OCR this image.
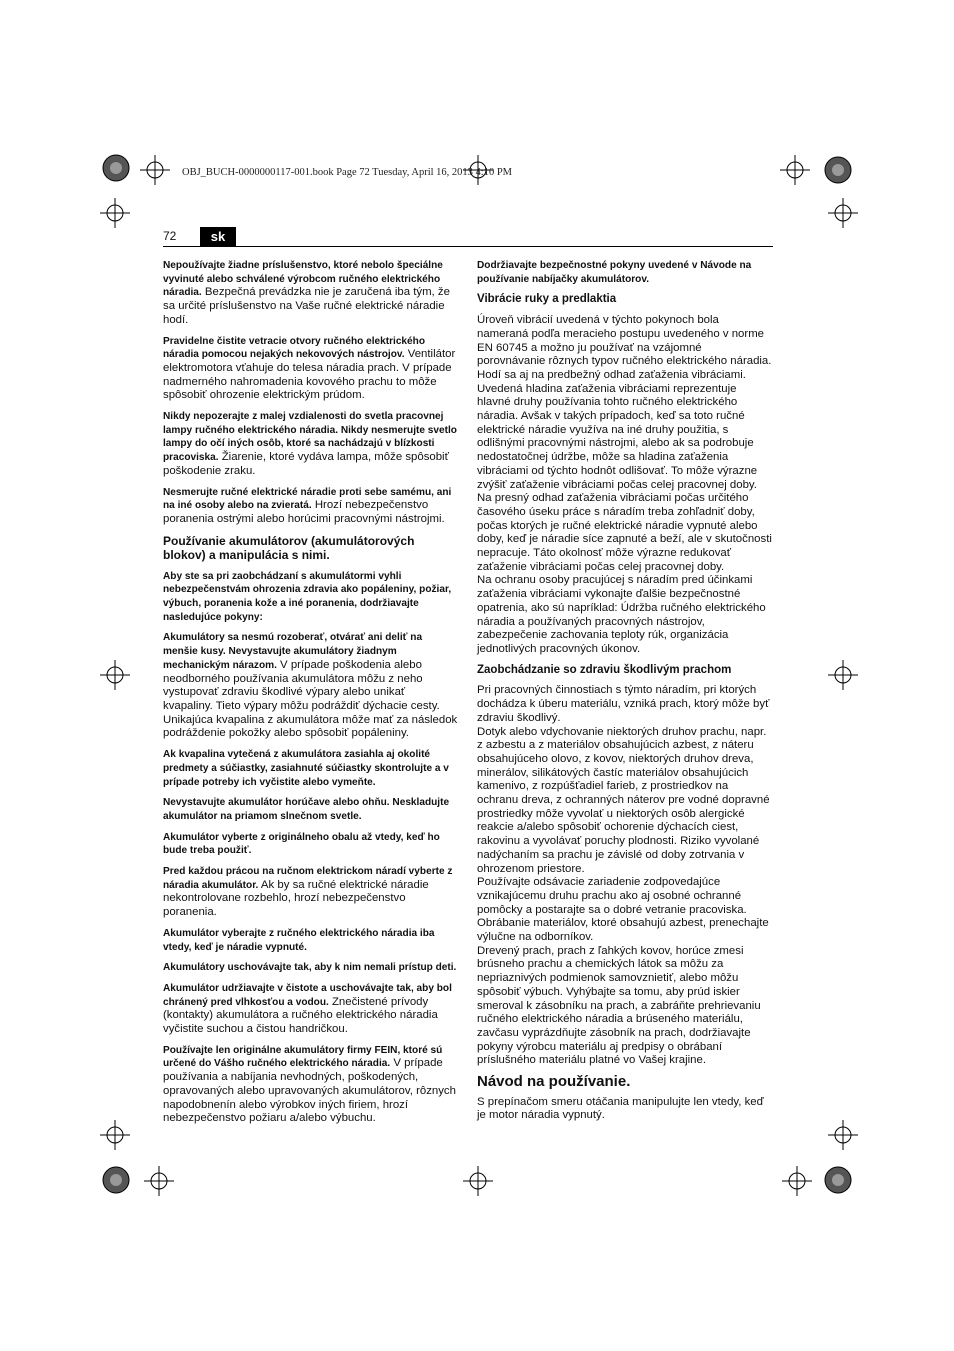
OBJ_BUCH-0000000117-001.book Page 72 Tuesday, April 16, 2013 4:10 PM
72	sk

Nepoužívajte žiadne príslušenstvo, ktoré nebolo špeciálne vyvinuté alebo schválené výrobcom ručného elektrického náradia. Bezpečná prevádzka nie je zaručená iba tým, že sa určité príslušenstvo na Vaše ručné elektrické náradie hodí.

Pravidelne čistite vetracie otvory ručného elektrického náradia pomocou nejakých nekovových nástrojov. Ventilátor elektromotora vťahuje do telesa náradia prach. V prípade nadmerného nahromadenia kovového prachu to môže spôsobiť ohrozenie elektrickým prúdom.

Nikdy nepozerajte z malej vzdialenosti do svetla pracovnej lampy ručného elektrického náradia. Nikdy nesmerujte svetlo lampy do očí iných osôb, ktoré sa nachádzajú v blízkosti pracoviska. Žiarenie, ktoré vydáva lampa, môže spôsobiť poškodenie zraku.

Nesmerujte ručné elektrické náradie proti sebe samému, ani na iné osoby alebo na zvieratá. Hrozí nebezpečenstvo poranenia ostrými alebo horúcimi pracovnými nástrojmi.

Používanie akumulátorov (akumulátorových blokov) a manipulácia s nimi.

Aby ste sa pri zaobchádzaní s akumulátormi vyhli nebezpečenstvám ohrozenia zdravia ako popáleniny, požiar, výbuch, poranenia kože a iné poranenia, dodržiavajte nasledujúce pokyny:

Akumulátory sa nesmú rozoberať, otvárať ani deliť na menšie kusy. Nevystavujte akumulátory žiadnym mechanickým nárazom. V prípade poškodenia alebo neodborného používania akumulátora môžu z neho vystupovať zdraviu škodlivé výpary alebo unikať kvapaliny. Tieto výpary môžu podráždiť dýchacie cesty. Unikajúca kvapalina z akumulátora môže mať za následok podráždenie pokožky alebo spôsobiť popáleniny.

Ak kvapalina vytečená z akumulátora zasiahla aj okolité predmety a súčiastky, zasiahnuté súčiastky skontrolujte a v prípade potreby ich vyčistite alebo vymeňte.

Nevystavujte akumulátor horúčave alebo ohňu. Neskladujte akumulátor na priamom slnečnom svetle.

Akumulátor vyberte z originálneho obalu až vtedy, keď ho bude treba použiť.

Pred každou prácou na ručnom elektrickom náradí vyberte z náradia akumulátor. Ak by sa ručné elektrické náradie nekontrolovane rozbehlo, hrozí nebezpečenstvo poranenia.

Akumulátor vyberajte z ručného elektrického náradia iba vtedy, keď je náradie vypnuté.

Akumulátory uschovávajte tak, aby k nim nemali prístup deti.

Akumulátor udržiavajte v čistote a uschovávajte tak, aby bol chránený pred vlhkosťou a vodou. Znečistené prívody (kontakty) akumulátora a ručného elektrického náradia vyčistite suchou a čistou handričkou.

Používajte len originálne akumulátory firmy FEIN, ktoré sú určené do Vášho ručného elektrického náradia. V prípade používania a nabíjania nevhodných, poškodených, opravovaných alebo upravovaných akumulátorov, rôznych napodobnenín alebo výrobkov iných firiem, hrozí nebezpečenstvo požiaru a/alebo výbuchu.

Dodržiavajte bezpečnostné pokyny uvedené v Návode na používanie nabíjačky akumulátorov.

Vibrácie ruky a predlaktia

Úroveň vibrácií uvedená v týchto pokynoch bola nameraná podľa meracieho postupu uvedeného v norme EN 60745 a možno ju používať na vzájomné porovnávanie rôznych typov ručného elektrického náradia. Hodí sa aj na predbežný odhad zaťaženia vibráciami.

Uvedená hladina zaťaženia vibráciami reprezentuje hlavné druhy používania tohto ručného elektrického náradia. Avšak v takých prípadoch, keď sa toto ručné elektrické náradie využíva na iné druhy použitia, s odlišnými pracovnými nástrojmi, alebo ak sa podrobuje nedostatočnej údržbe, môže sa hladina zaťaženia vibráciami od týchto hodnôt odlišovať. To môže výrazne zvýšiť zaťaženie vibráciami počas celej pracovnej doby.

Na presný odhad zaťaženia vibráciami počas určitého časového úseku práce s náradím treba zohľadniť doby, počas ktorých je ručné elektrické náradie vypnuté alebo doby, keď je náradie síce zapnuté a beží, ale v skutočnosti nepracuje. Táto okolnosť môže výrazne redukovať zaťaženie vibráciami počas celej pracovnej doby.

Na ochranu osoby pracujúcej s náradím pred účinkami zaťaženia vibráciami vykonajte ďalšie bezpečnostné opatrenia, ako sú napríklad: Údržba ručného elektrického náradia a používaných pracovných nástrojov, zabezpečenie zachovania teploty rúk, organizácia jednotlivých pracovných úkonov.

Zaobchádzanie so zdraviu škodlivým prachom

Pri pracovných činnostiach s týmto náradím, pri ktorých dochádza k úberu materiálu, vzniká prach, ktorý môže byť zdraviu škodlivý.

Dotyk alebo vdychovanie niektorých druhov prachu, napr. z azbestu a z materiálov obsahujúcich azbest, z náteru obsahujúceho olovo, z kovov, niektorých druhov dreva, minerálov, silikátových častíc materiálov obsahujúcich kamenivo, z rozpúšťadiel farieb, z prostriedkov na ochranu dreva, z ochranných náterov pre vodné dopravné prostriedky môže vyvolať u niektorých osôb alergické reakcie a/alebo spôsobiť ochorenie dýchacích ciest, rakovinu a vyvolávať poruchy plodnosti. Riziko vyvolané nadýchaním sa prachu je závislé od doby zotrvania v ohrozenom priestore.

Používajte odsávacie zariadenie zodpovedajúce vznikajúcemu druhu prachu ako aj osobné ochranné pomôcky a postarajte sa o dobré vetranie pracoviska.

Obrábanie materiálov, ktoré obsahujú azbest, prenechajte výlučne na odborníkov.

Drevený prach, prach z ľahkých kovov, horúce zmesi brúsneho prachu a chemických látok sa môžu za nepriaznivých podmienok samovznietiť, alebo môžu spôsobiť výbuch. Vyhýbajte sa tomu, aby prúd iskier smeroval k zásobníku na prach, a zabráňte prehrievaniu ručného elektrického náradia a brúseného materiálu, zavčasu vyprázdňujte zásobník na prach, dodržiavajte pokyny výrobcu materiálu aj predpisy o obrábaní príslušného materiálu platné vo Vašej krajine.

Návod na používanie.

S prepínačom smeru otáčania manipulujte len vtedy, keď je motor náradia vypnutý.
